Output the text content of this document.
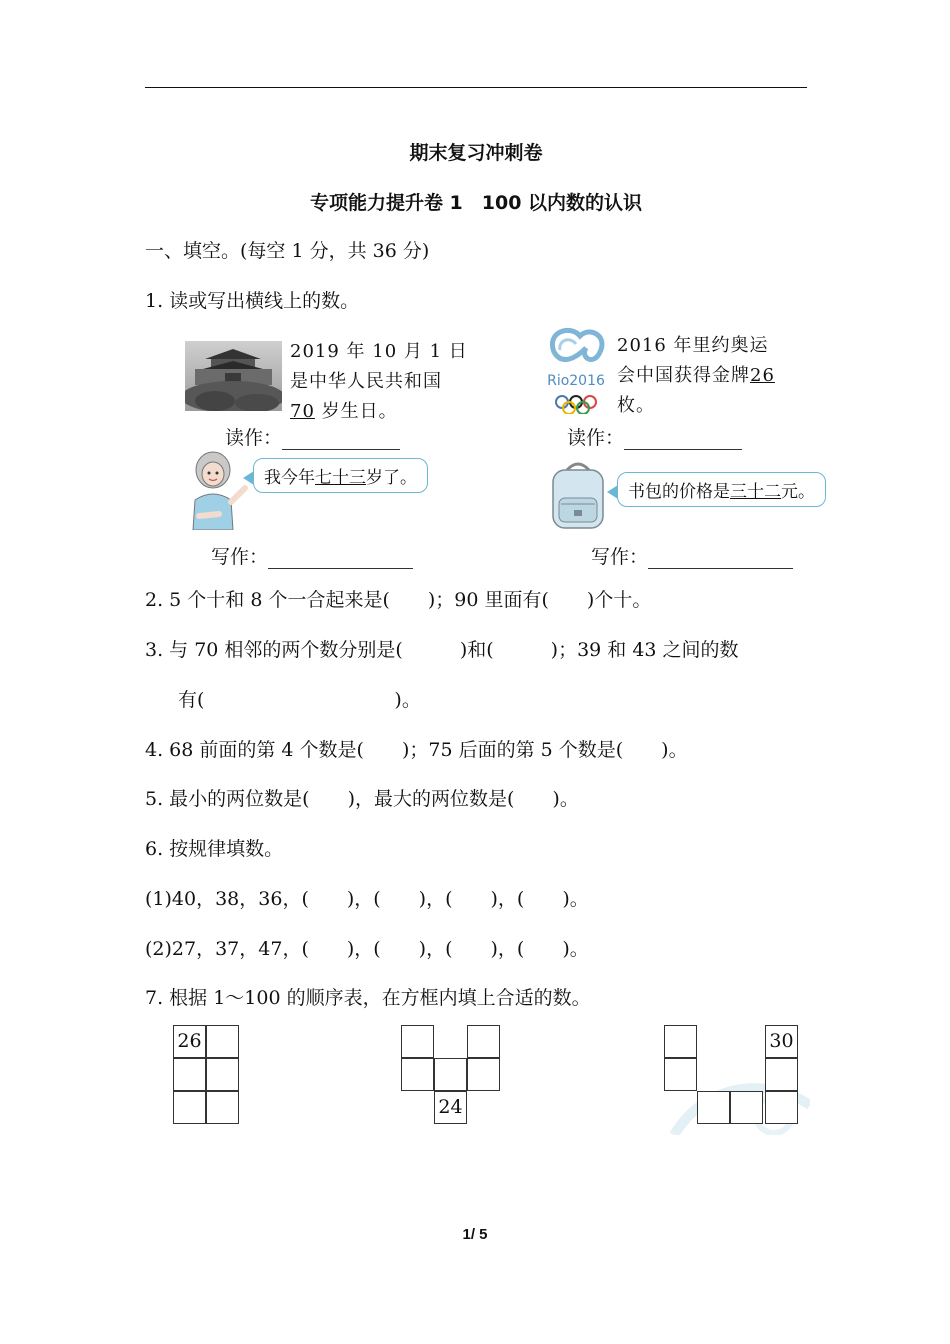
期末复习冲刺卷
专项能力提升卷 1　100 以内数的认识
一、填空。(每空 1 分，共 36 分)
1. 读或写出横线上的数。
2019 年 10 月 1 日
是中华人民共和国
70 岁生日。
Rio2016
2016 年里约奥运
会中国获得金牌26
枚。
读作：	读作：
我今年七十三岁了。
书包的价格是三十二元。
写作：	写作：
2. 5 个十和 8 个一合起来是(　　)；90 里面有(　　)个十。
3. 与 70 相邻的两个数分别是(　　　)和(　　　)；39 和 43 之间的数
有(　　　　　　　　　　)。
4. 68 前面的第 4 个数是(　　)；75 后面的第 5 个数是(　　)。
5. 最小的两位数是(　　)，最大的两位数是(　　)。
6. 按规律填数。
(1)40，38，36，(　　)，(　　)，(　　)，(　　)。
(2)27，37，47，(　　)，(　　)，(　　)，(　　)。
7. 根据 1～100 的顺序表，在方框内填上合适的数。
26
24
30
1/ 5
